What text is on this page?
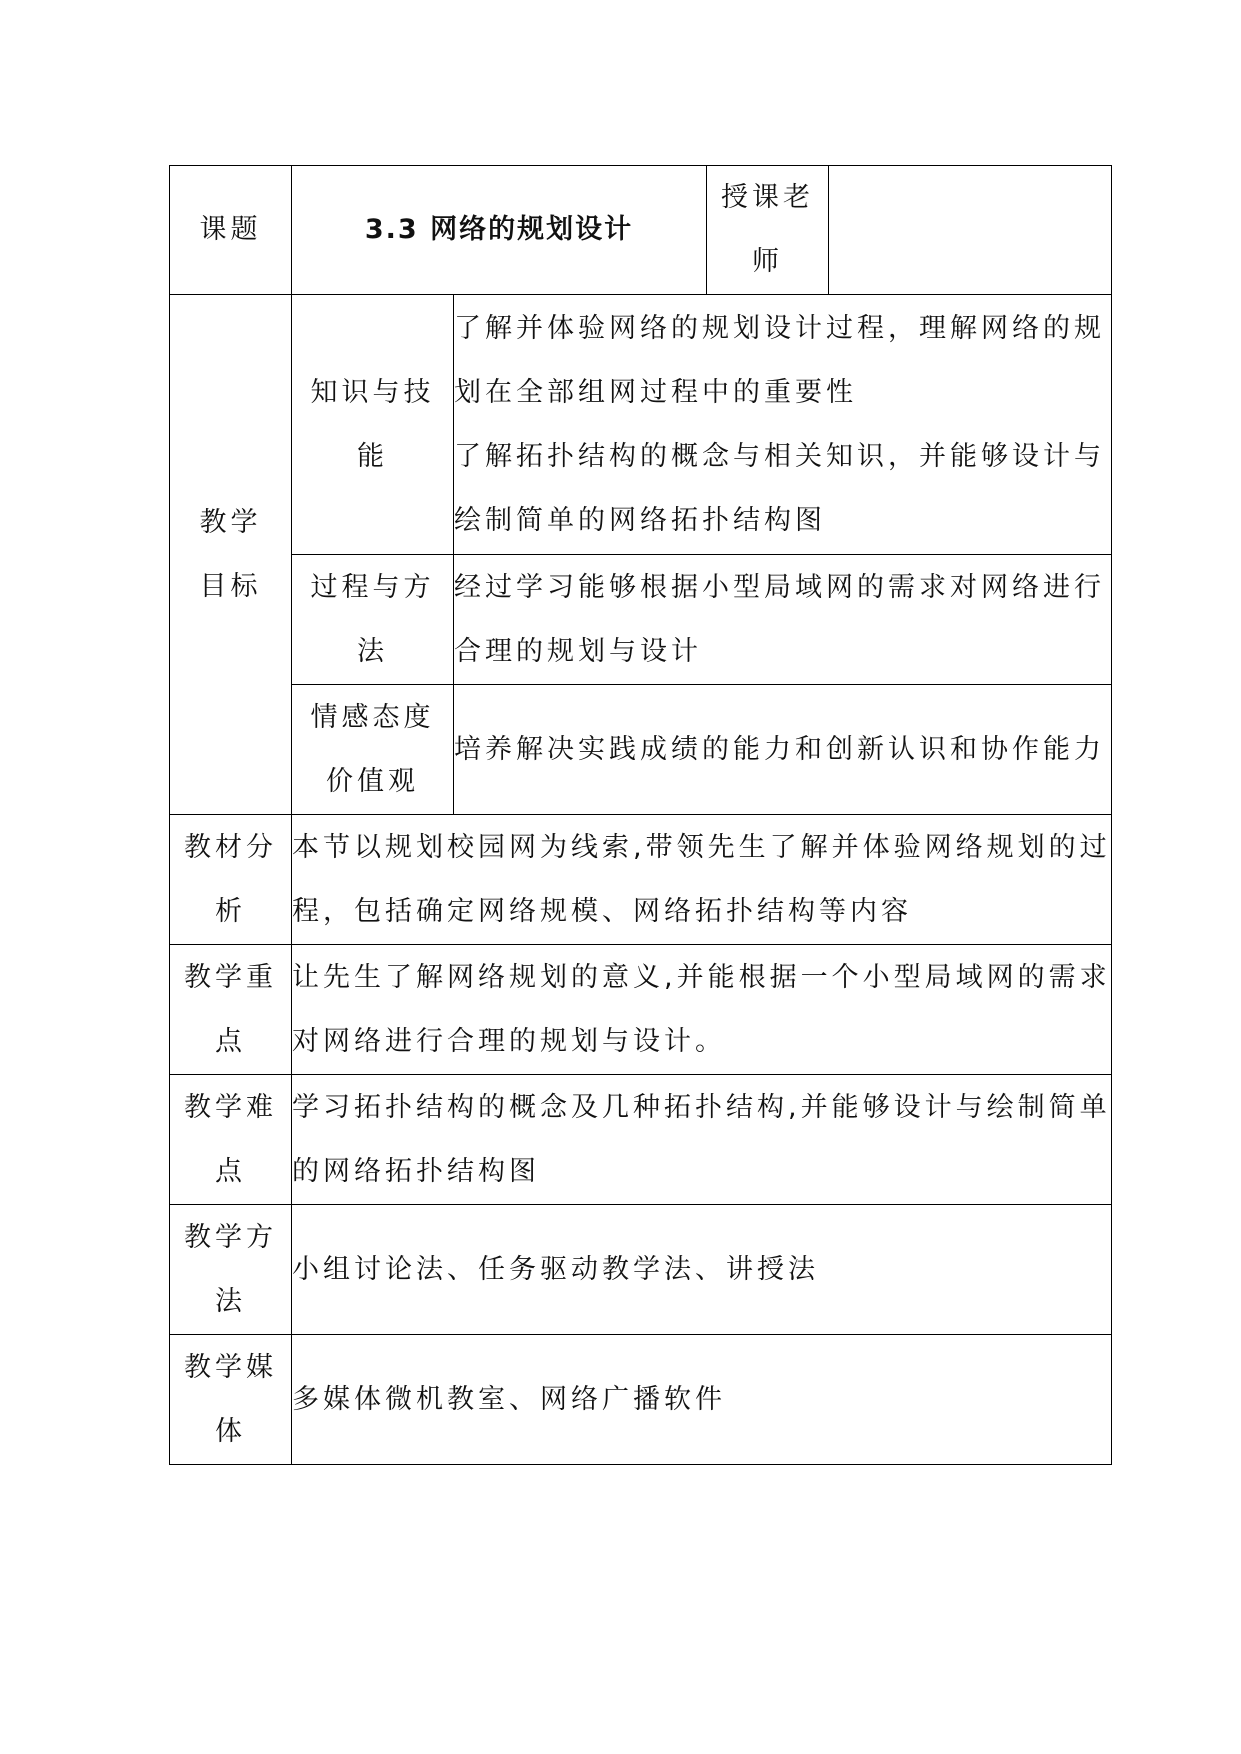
课题	3.3 网络的规划设计		授课老
师	

教学
目标	知识与技
能	了解并体验网络的规划设计过程，理解网络的规
划在全部组网过程中的重要性
了解拓扑结构的概念与相关知识，并能够设计与
绘制简单的网络拓扑结构图		

	过程与方
法	经过学习能够根据小型局域网的需求对网络进行
合理的规划与设计		

	情感态度
价值观	培养解决实践成绩的能力和创新认识和协作能力		

教材分
析	本节以规划校园网为线索,带领先生了解并体验网络规划的过
程，包括确定网络规模、网络拓扑结构等内容			

教学重
点	让先生了解网络规划的意义,并能根据一个小型局域网的需求
对网络进行合理的规划与设计。			

教学难
点	学习拓扑结构的概念及几种拓扑结构,并能够设计与绘制简单
的网络拓扑结构图			

教学方
法	小组讨论法、任务驱动教学法、讲授法			

教学媒
体	多媒体微机教室、网络广播软件			
